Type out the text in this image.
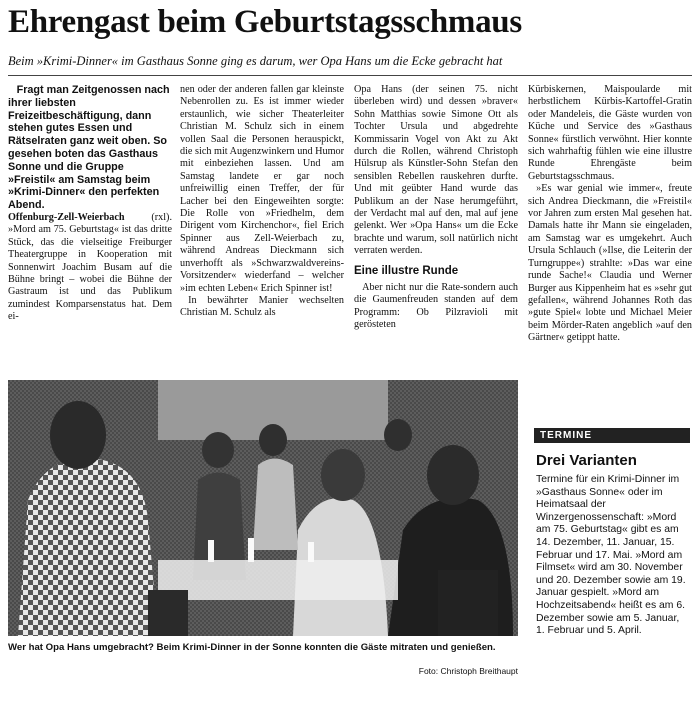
Ehrengast beim Geburtstagsschmaus
Beim »Krimi-Dinner« im Gasthaus Sonne ging es darum, wer Opa Hans um die Ecke gebracht hat

Fragt man Zeitgenossen nach ihrer liebsten Freizeitbeschäftigung, dann stehen gutes Essen und Rätselraten ganz weit oben. So gesehen boten das Gasthaus Sonne und die Gruppe »Freistil« am Samstag beim »Krimi-Dinner« den perfekten Abend.

Offenburg-Zell-Weierbach (rxl). »Mord am 75. Geburtstag« ist das dritte Stück, das die vielseitige Freiburger Theatergruppe in Kooperation mit Sonnenwirt Joachim Busam auf die Bühne bringt – wobei die Bühne der Gastraum ist und das Publikum zumindest Komparsenstatus hat. Dem ei-

nen oder der anderen fallen gar kleinste Nebenrollen zu. Es ist immer wieder erstaunlich, wie sicher Theaterleiter Christian M. Schulz sich in einem vollen Saal die Personen herauspickt, die sich mit Augenzwinkern und Humor mit einbeziehen lassen. Und am Samstag landete er gar noch unfreiwillig einen Treffer, der für Lacher bei den Eingeweihten sorgte: Die Rolle von »Friedhelm, dem Dirigent vom Kirchenchor«, fiel Erich Spinner aus Zell-Weierbach zu, während Andreas Dieckmann sich unverhofft als »Schwarzwaldvereins-Vorsitzender« wiederfand – welcher »im echten Leben« Erich Spinner ist!

In bewährter Manier wechselten Christian M. Schulz als

Opa Hans (der seinen 75. nicht überleben wird) und dessen »braver« Sohn Matthias sowie Simone Ott als Tochter Ursula und abgedrehte Kommissarin Vogel von Akt zu Akt durch die Rollen, während Christoph Hülsrup als Künstler-Sohn Stefan den sensiblen Rebellen rauskehren durfte. Und mit geübter Hand wurde das Publikum an der Nase herumgeführt, der Verdacht mal auf den, mal auf jene gelenkt. Wer »Opa Hans« um die Ecke brachte und warum, soll natürlich nicht verraten werden.

Eine illustre Runde

Aber nicht nur die Rate-sondern auch die Gaumenfreuden standen auf dem Programm: Ob Pilzravioli mit gerösteten

Kürbiskernen, Maispoularde mit herbstlichem Kürbis-Kartoffel-Gratin oder Mandeleis, die Gäste wurden von Küche und Service des »Gasthaus Sonne« fürstlich verwöhnt. Hier konnte sich wahrhaftig fühlen wie eine illustre Runde Ehrengäste beim Geburtstagsschmaus.

»Es war genial wie immer«, freute sich Andrea Dieckmann, die »Freistil« vor Jahren zum ersten Mal gesehen hat. Damals hatte ihr Mann sie eingeladen, am Samstag war es umgekehrt. Auch Ursula Schlauch (»Ilse, die Leiterin der Turngruppe«) strahlte: »Das war eine runde Sache!« Claudia und Werner Burger aus Kippenheim hat es »sehr gut gefallen«, während Johannes Roth das »gute Spiel« lobte und Michael Meier beim Mörder-Raten angeblich »auf den Gärtner« getippt hatte.

Wer hat Opa Hans umgebracht? Beim Krimi-Dinner in der Sonne konnten die Gäste mitraten und genießen.
Foto: Christoph Breithaupt
TERMINE
Drei Varianten
Termine für ein Krimi-Dinner im »Gasthaus Sonne« oder im Heimatsaal der Winzergenossenschaft: »Mord am 75. Geburtstag« gibt es am 14. Dezember, 11. Januar, 15. Februar und 17. Mai. »Mord am Filmset« wird am 30. November und 20. Dezember sowie am 19. Januar gespielt. »Mord am Hochzeitsabend« heißt es am 6. Dezember sowie am 5. Januar, 1. Februar und 5. April.
